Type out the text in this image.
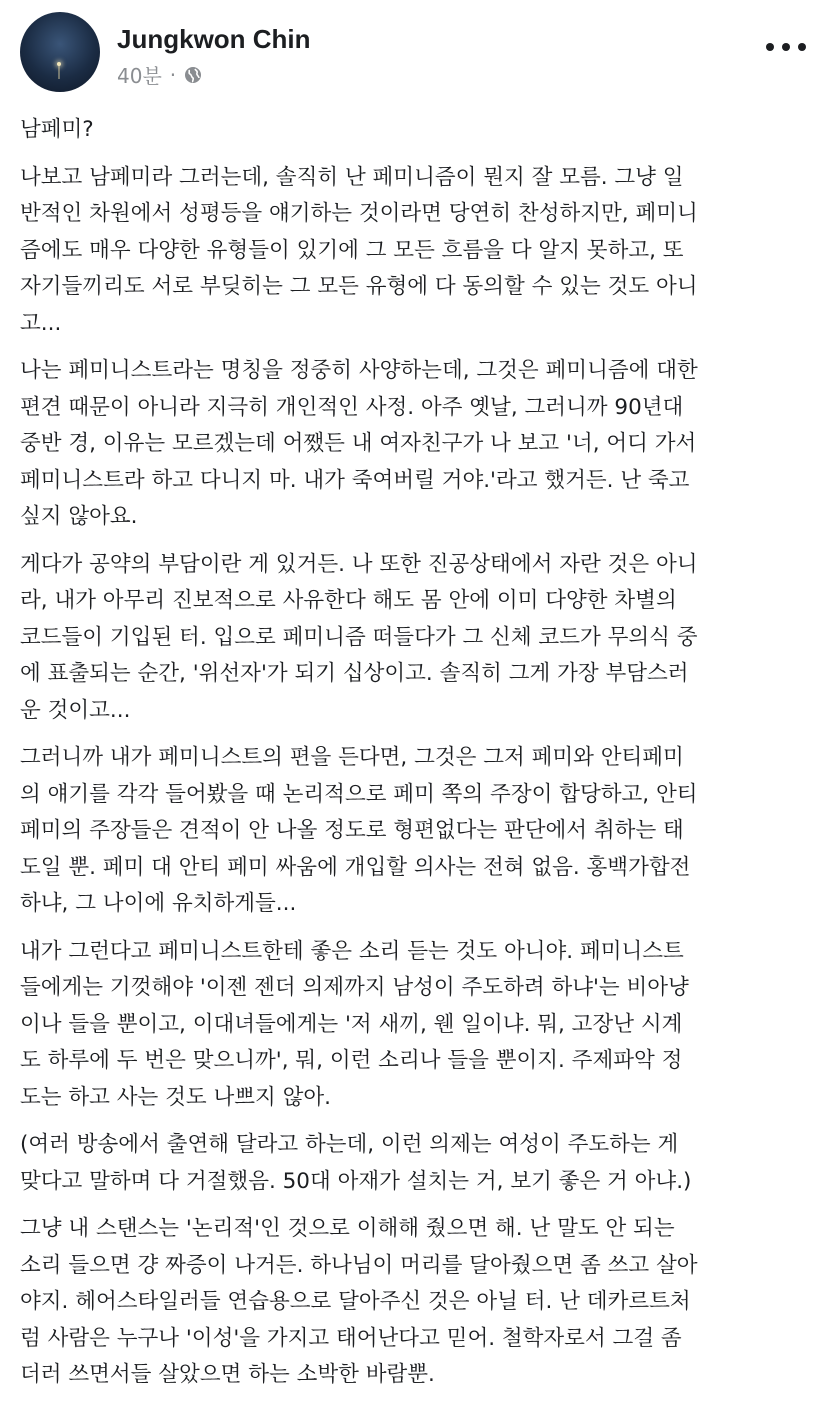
Jungkwon Chin
40분 ·
남페미?
나보고 남페미라 그러는데, 솔직히 난 페미니즘이 뭔지 잘 모름. 그냥 일
반적인 차원에서 성평등을 얘기하는 것이라면 당연히 찬성하지만, 페미니
즘에도 매우 다양한 유형들이 있기에 그 모든 흐름을 다 알지 못하고, 또
자기들끼리도 서로 부딪히는 그 모든 유형에 다 동의할 수 있는 것도 아니
고...
나는 페미니스트라는 명칭을 정중히 사양하는데, 그것은 페미니즘에 대한
편견 때문이 아니라 지극히 개인적인 사정. 아주 옛날, 그러니까 90년대
중반 경, 이유는 모르겠는데 어쨌든 내 여자친구가 나 보고 '너, 어디 가서
페미니스트라 하고 다니지 마. 내가 죽여버릴 거야.'라고 했거든. 난 죽고
싶지 않아요.
게다가 공약의 부담이란 게 있거든. 나 또한 진공상태에서 자란 것은 아니
라, 내가 아무리 진보적으로 사유한다 해도 몸 안에 이미 다양한 차별의
코드들이 기입된 터. 입으로 페미니즘 떠들다가 그 신체 코드가 무의식 중
에 표출되는 순간, '위선자'가 되기 십상이고. 솔직히 그게 가장 부담스러
운 것이고...
그러니까 내가 페미니스트의 편을 든다면, 그것은 그저 페미와 안티페미
의 얘기를 각각 들어봤을 때 논리적으로 페미 쪽의 주장이 합당하고, 안티
페미의 주장들은 견적이 안 나올 정도로 형편없다는 판단에서 취하는 태
도일 뿐. 페미 대 안티 페미 싸움에 개입할 의사는 전혀 없음. 홍백가합전
하냐, 그 나이에 유치하게들...
내가 그런다고 페미니스트한테 좋은 소리 듣는 것도 아니야. 페미니스트
들에게는 기껏해야 '이젠 젠더 의제까지 남성이 주도하려 하냐'는 비아냥
이나 들을 뿐이고, 이대녀들에게는 '저 새끼, 웬 일이냐. 뭐, 고장난 시계
도 하루에 두 번은 맞으니까', 뭐, 이런 소리나 들을 뿐이지. 주제파악 정
도는 하고 사는 것도 나쁘지 않아.
(여러 방송에서 출연해 달라고 하는데, 이런 의제는 여성이 주도하는 게
맞다고 말하며 다 거절했음. 50대 아재가 설치는 거, 보기 좋은 거 아냐.)
그냥 내 스탠스는 '논리적'인 것으로 이해해 줬으면 해. 난 말도 안 되는
소리 들으면 걍 짜증이 나거든. 하나님이 머리를 달아줬으면 좀 쓰고 살아
야지. 헤어스타일러들 연습용으로 달아주신 것은 아닐 터. 난 데카르트처
럼 사람은 누구나 '이성'을 가지고 태어난다고 믿어. 철학자로서 그걸 좀
더러 쓰면서들 살았으면 하는 소박한 바람뿐.
